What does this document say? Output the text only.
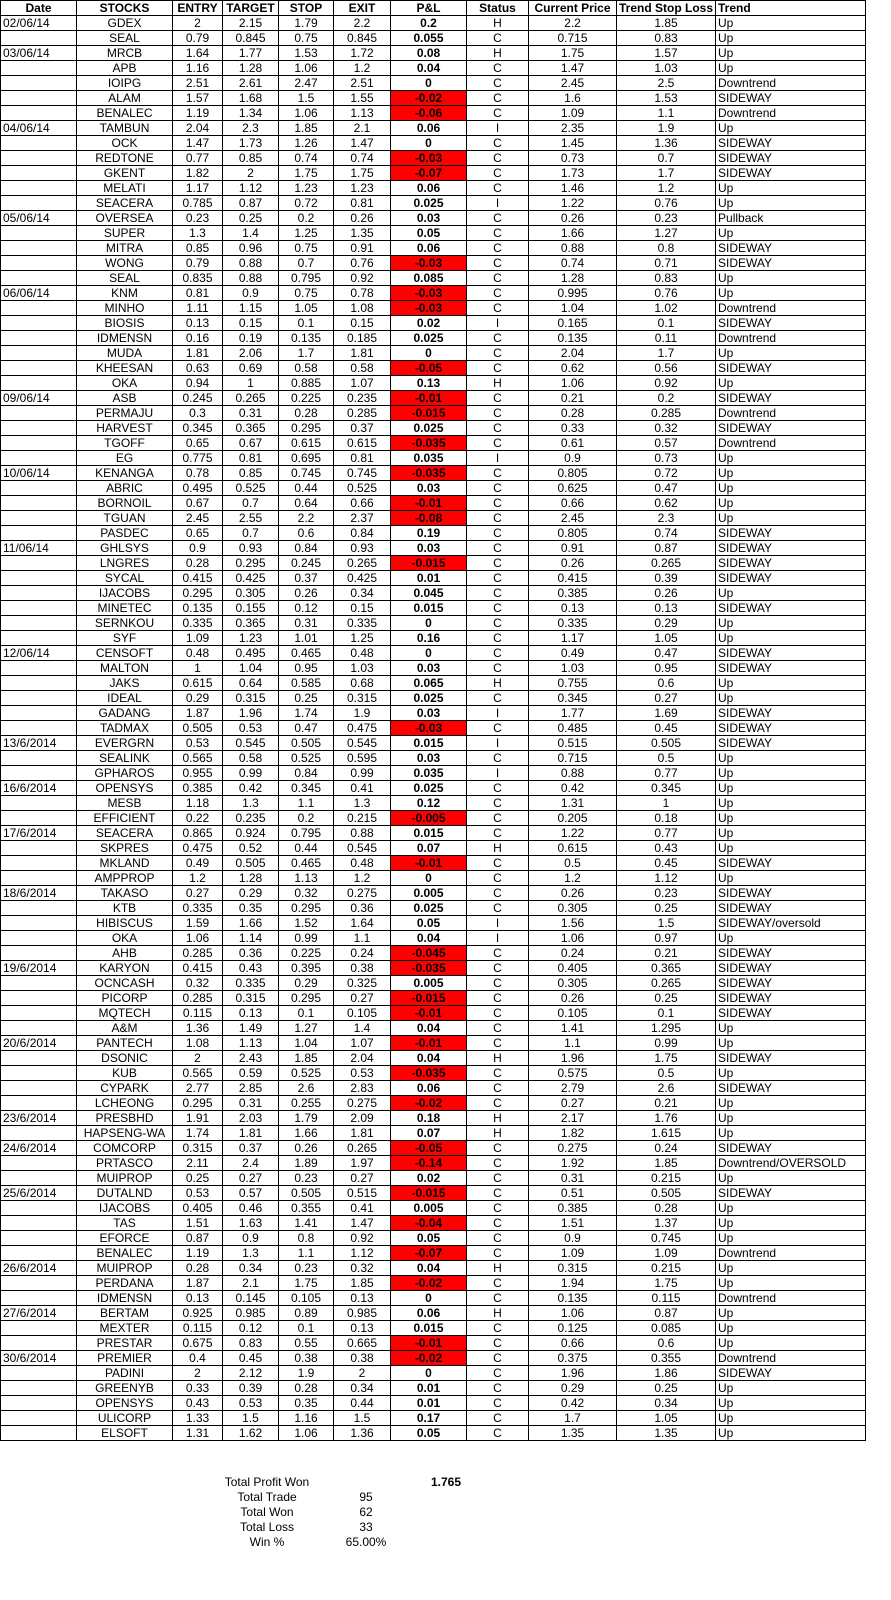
Date	STOCKS	ENTRY	TARGET	STOP	EXIT	P&L	Status	Current Price	Trend Stop Loss	Trend
02/06/14	GDEX	2	2.15	1.79	2.2	0.2	H	2.2	1.85	Up
	SEAL	0.79	0.845	0.75	0.845	0.055	C	0.715	0.83	Up
03/06/14	MRCB	1.64	1.77	1.53	1.72	0.08	H	1.75	1.57	Up
	APB	1.16	1.28	1.06	1.2	0.04	C	1.47	1.03	Up
	IOIPG	2.51	2.61	2.47	2.51	0	C	2.45	2.5	Downtrend
	ALAM	1.57	1.68	1.5	1.55	-0.02	C	1.6	1.53	SIDEWAY
	BENALEC	1.19	1.34	1.06	1.13	-0.06	C	1.09	1.1	Downtrend
04/06/14	TAMBUN	2.04	2.3	1.85	2.1	0.06	I	2.35	1.9	Up
	OCK	1.47	1.73	1.26	1.47	0	C	1.45	1.36	SIDEWAY
	REDTONE	0.77	0.85	0.74	0.74	-0.03	C	0.73	0.7	SIDEWAY
	GKENT	1.82	2	1.75	1.75	-0.07	C	1.73	1.7	SIDEWAY
	MELATI	1.17	1.12	1.23	1.23	0.06	C	1.46	1.2	Up
	SEACERA	0.785	0.87	0.72	0.81	0.025	I	1.22	0.76	Up
05/06/14	OVERSEA	0.23	0.25	0.2	0.26	0.03	C	0.26	0.23	Pullback
	SUPER	1.3	1.4	1.25	1.35	0.05	C	1.66	1.27	Up
	MITRA	0.85	0.96	0.75	0.91	0.06	C	0.88	0.8	SIDEWAY
	WONG	0.79	0.88	0.7	0.76	-0.03	C	0.74	0.71	SIDEWAY
	SEAL	0.835	0.88	0.795	0.92	0.085	C	1.28	0.83	Up
06/06/14	KNM	0.81	0.9	0.75	0.78	-0.03	C	0.995	0.76	Up
	MINHO	1.11	1.15	1.05	1.08	-0.03	C	1.04	1.02	Downtrend
	BIOSIS	0.13	0.15	0.1	0.15	0.02	I	0.165	0.1	SIDEWAY
	IDMENSN	0.16	0.19	0.135	0.185	0.025	C	0.135	0.11	Downtrend
	MUDA	1.81	2.06	1.7	1.81	0	C	2.04	1.7	Up
	KHEESAN	0.63	0.69	0.58	0.58	-0.05	C	0.62	0.56	SIDEWAY
	OKA	0.94	1	0.885	1.07	0.13	H	1.06	0.92	Up
09/06/14	ASB	0.245	0.265	0.225	0.235	-0.01	C	0.21	0.2	SIDEWAY
	PERMAJU	0.3	0.31	0.28	0.285	-0.015	C	0.28	0.285	Downtrend
	HARVEST	0.345	0.365	0.295	0.37	0.025	C	0.33	0.32	SIDEWAY
	TGOFF	0.65	0.67	0.615	0.615	-0.035	C	0.61	0.57	Downtrend
	EG	0.775	0.81	0.695	0.81	0.035	I	0.9	0.73	Up
10/06/14	KENANGA	0.78	0.85	0.745	0.745	-0.035	C	0.805	0.72	Up
	ABRIC	0.495	0.525	0.44	0.525	0.03	C	0.625	0.47	Up
	BORNOIL	0.67	0.7	0.64	0.66	-0.01	C	0.66	0.62	Up
	TGUAN	2.45	2.55	2.2	2.37	-0.08	C	2.45	2.3	Up
	PASDEC	0.65	0.7	0.6	0.84	0.19	C	0.805	0.74	SIDEWAY
11/06/14	GHLSYS	0.9	0.93	0.84	0.93	0.03	C	0.91	0.87	SIDEWAY
	LNGRES	0.28	0.295	0.245	0.265	-0.015	C	0.26	0.265	SIDEWAY
	SYCAL	0.415	0.425	0.37	0.425	0.01	C	0.415	0.39	SIDEWAY
	IJACOBS	0.295	0.305	0.26	0.34	0.045	C	0.385	0.26	Up
	MINETEC	0.135	0.155	0.12	0.15	0.015	C	0.13	0.13	SIDEWAY
	SERNKOU	0.335	0.365	0.31	0.335	0	C	0.335	0.29	Up
	SYF	1.09	1.23	1.01	1.25	0.16	C	1.17	1.05	Up
12/06/14	CENSOFT	0.48	0.495	0.465	0.48	0	C	0.49	0.47	SIDEWAY
	MALTON	1	1.04	0.95	1.03	0.03	C	1.03	0.95	SIDEWAY
	JAKS	0.615	0.64	0.585	0.68	0.065	H	0.755	0.6	Up
	IDEAL	0.29	0.315	0.25	0.315	0.025	C	0.345	0.27	Up
	GADANG	1.87	1.96	1.74	1.9	0.03	I	1.77	1.69	SIDEWAY
	TADMAX	0.505	0.53	0.47	0.475	-0.03	C	0.485	0.45	SIDEWAY
13/6/2014	EVERGRN	0.53	0.545	0.505	0.545	0.015	I	0.515	0.505	SIDEWAY
	SEALINK	0.565	0.58	0.525	0.595	0.03	C	0.715	0.5	Up
	GPHAROS	0.955	0.99	0.84	0.99	0.035	I	0.88	0.77	Up
16/6/2014	OPENSYS	0.385	0.42	0.345	0.41	0.025	C	0.42	0.345	Up
	MESB	1.18	1.3	1.1	1.3	0.12	C	1.31	1	Up
	EFFICIENT	0.22	0.235	0.2	0.215	-0.005	C	0.205	0.18	Up
17/6/2014	SEACERA	0.865	0.924	0.795	0.88	0.015	C	1.22	0.77	Up
	SKPRES	0.475	0.52	0.44	0.545	0.07	H	0.615	0.43	Up
	MKLAND	0.49	0.505	0.465	0.48	-0.01	C	0.5	0.45	SIDEWAY
	AMPPROP	1.2	1.28	1.13	1.2	0	C	1.2	1.12	Up
18/6/2014	TAKASO	0.27	0.29	0.32	0.275	0.005	C	0.26	0.23	SIDEWAY
	KTB	0.335	0.35	0.295	0.36	0.025	C	0.305	0.25	SIDEWAY
	HIBISCUS	1.59	1.66	1.52	1.64	0.05	I	1.56	1.5	SIDEWAY/oversold
	OKA	1.06	1.14	0.99	1.1	0.04	I	1.06	0.97	Up
	AHB	0.285	0.36	0.225	0.24	-0.045	C	0.24	0.21	SIDEWAY
19/6/2014	KARYON	0.415	0.43	0.395	0.38	-0.035	C	0.405	0.365	SIDEWAY
	OCNCASH	0.32	0.335	0.29	0.325	0.005	C	0.305	0.265	SIDEWAY
	PICORP	0.285	0.315	0.295	0.27	-0.015	C	0.26	0.25	SIDEWAY
	MQTECH	0.115	0.13	0.1	0.105	-0.01	C	0.105	0.1	SIDEWAY
	A&M	1.36	1.49	1.27	1.4	0.04	C	1.41	1.295	Up
20/6/2014	PANTECH	1.08	1.13	1.04	1.07	-0.01	C	1.1	0.99	Up
	DSONIC	2	2.43	1.85	2.04	0.04	H	1.96	1.75	SIDEWAY
	KUB	0.565	0.59	0.525	0.53	-0.035	C	0.575	0.5	Up
	CYPARK	2.77	2.85	2.6	2.83	0.06	C	2.79	2.6	SIDEWAY
	LCHEONG	0.295	0.31	0.255	0.275	-0.02	C	0.27	0.21	Up
23/6/2014	PRESBHD	1.91	2.03	1.79	2.09	0.18	H	2.17	1.76	Up
	HAPSENG-WA	1.74	1.81	1.66	1.81	0.07	H	1.82	1.615	Up
24/6/2014	COMCORP	0.315	0.37	0.26	0.265	-0.05	C	0.275	0.24	SIDEWAY
	PRTASCO	2.11	2.4	1.89	1.97	-0.14	C	1.92	1.85	Downtrend/OVERSOLD
	MUIPROP	0.25	0.27	0.23	0.27	0.02	C	0.31	0.215	Up
25/6/2014	DUTALND	0.53	0.57	0.505	0.515	-0.015	C	0.51	0.505	SIDEWAY
	IJACOBS	0.405	0.46	0.355	0.41	0.005	C	0.385	0.28	Up
	TAS	1.51	1.63	1.41	1.47	-0.04	C	1.51	1.37	Up
	EFORCE	0.87	0.9	0.8	0.92	0.05	C	0.9	0.745	Up
	BENALEC	1.19	1.3	1.1	1.12	-0.07	C	1.09	1.09	Downtrend
26/6/2014	MUIPROP	0.28	0.34	0.23	0.32	0.04	H	0.315	0.215	Up
	PERDANA	1.87	2.1	1.75	1.85	-0.02	C	1.94	1.75	Up
	IDMENSN	0.13	0.145	0.105	0.13	0	C	0.135	0.115	Downtrend
27/6/2014	BERTAM	0.925	0.985	0.89	0.985	0.06	H	1.06	0.87	Up
	MEXTER	0.115	0.12	0.1	0.13	0.015	C	0.125	0.085	Up
	PRESTAR	0.675	0.83	0.55	0.665	-0.01	C	0.66	0.6	Up
30/6/2014	PREMIER	0.4	0.45	0.38	0.38	-0.02	C	0.375	0.355	Downtrend
	PADINI	2	2.12	1.9	2	0	C	1.96	1.86	SIDEWAY
	GREENYB	0.33	0.39	0.28	0.34	0.01	C	0.29	0.25	Up
	OPENSYS	0.43	0.53	0.35	0.44	0.01	C	0.42	0.34	Up
	ULICORP	1.33	1.5	1.16	1.5	0.17	C	1.7	1.05	Up
	ELSOFT	1.31	1.62	1.06	1.36	0.05	C	1.35	1.35	Up
Total Profit Won		1.765
Total Trade	95	
Total Won	62	
Total Loss	33	
Win %	65.00%	
